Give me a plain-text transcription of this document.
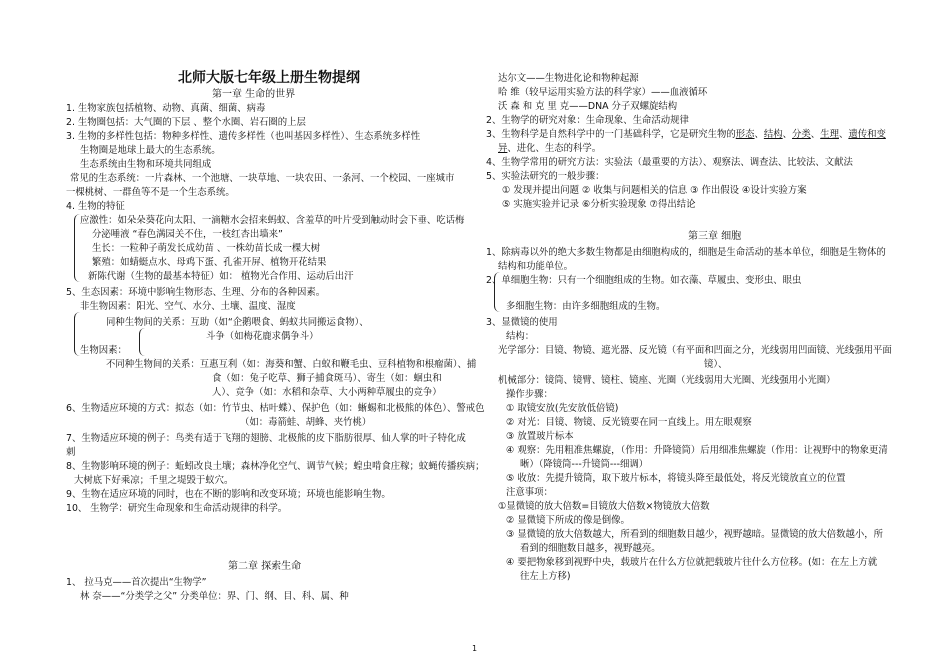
北师大版七年级上册生物提纲
第一章 生命的世界
1. 生物家族包括植物、动物、真菌、细菌、病毒
2. 生物圈包括：大气圈的下层 、整个水圈、岩石圈的上层
3. 生物的多样性包括：物种多样性、遗传多样性（也叫基因多样性）、生态系统多样性
生物圈是地球上最大的生态系统。
生态系统由生物和环境共同组成
常见的生态系统：一片森林、一个池塘、一块草地、一块农田、一条河、一个校园、一座城市
一棵桃树、一群鱼等不是一个生态系统。
4. 生物的特征
应激性：如朵朵葵花向太阳、一滴糖水会招来蚂蚁、含羞草的叶片受到触动时会下垂、吃话梅
分泌唾液 “春色满园关不住，一枝红杏出墙来”
生长：一粒种子萌发长成幼苗 、一株幼苗长成一棵大树
繁殖：如蜻蜓点水、母鸡下蛋、孔雀开屏、植物开花结果
新陈代谢（生物的最基本特征）如： 植物光合作用、运动后出汗
5、生态因素：环境中影响生物形态、生理、分布的各种因素。
非生物因素：阳光、空气、水分、土壤、温度、湿度
同种生物间的关系：互助（如“企鹅喂食、蚂蚁共同搬运食物）、
斗争（如梅花鹿求偶争斗）
生物因素：
不同种生物间的关系：互惠互利（如：海葵和蟹、白蚁和鞭毛虫、豆科植物和根瘤菌）、捕
食（如：兔子吃草、狮子捕食斑马）、寄生（如：蛔虫和
人）、竞争（如：水稻和杂草、大小两种草履虫的竞争）
6、生物适应环境的方式：拟态（如：竹节虫、枯叶蝶）、保护色（如：蜥蜴和北极熊的体色）、警戒色
（如：毒箭蛙、胡蜂、夹竹桃）
7、生物适应环境的例子：鸟类有适于飞翔的翅膀、北极熊的皮下脂肪很厚、仙人掌的叶子特化成
刺
8、生物影响环境的例子：蚯蚓改良土壤；森林净化空气、调节气候；蝗虫啃食庄稼；蚊蝇传播疾病；
大树底下好乘凉；千里之堤毁于蚁穴。
9、生物在适应环境的同时，也在不断的影响和改变环境；环境也能影响生物。
10、 生物学：研究生命现象和生命活动规律的科学。
第二章 探索生命
1、 拉马克——首次提出“生物学”
林 奈——“分类学之父” 分类单位：界、门、纲、目、科、属、种
达尔文——生物进化论和物种起源
哈 维（较早运用实验方法的科学家）——血液循环
沃 森 和 克 里 克——DNA 分子双螺旋结构
2、生物学的研究对象：生命现象、生命活动规律
3、生物科学是自然科学中的一门基础科学，它是研究生物的形态、结构、分类、生理、遗传和变
异、进化、生态的科学。
4、生物学常用的研究方法：实验法（最重要的方法）、观察法、调查法、比较法、文献法
5、实验法研究的一般步骤：
① 发现并提出问题 ② 收集与问题相关的信息 ③ 作出假设 ④设计实验方案
⑤ 实施实验并记录 ⑥分析实验现象 ⑦得出结论
第三章 细胞
1、除病毒以外的绝大多数生物都是由细胞构成的，细胞是生命活动的基本单位，细胞是生物体的
结构和功能单位。
2、单细胞生物：只有一个细胞组成的生物。如衣藻、草履虫、变形虫、眼虫
多细胞生物：由许多细胞组成的生物。
3、显微镜的使用
结构：
光学部分：目镜、物镜、遮光器、反光镜（有平面和凹面之分，光线弱用凹面镜、光线强用平面
镜）、
机械部分：镜筒、镜臂、镜柱、镜座、光圈（光线弱用大光圈、光线强用小光圈）
操作步骤：
① 取镜安放(先安放低倍镜)
② 对光：目镜、物镜、反光镜要在同一直线上。用左眼观察
③ 放置玻片标本
④ 观察：先用粗准焦螺旋，（作用：升降镜筒）后用细准焦螺旋（作用：让视野中的物象更清
晰）（降镜筒---升镜筒---细调）
⑤ 收放：先提升镜筒，取下玻片标本，将镜头降至最低处，将反光镜放直立的位置
注意事项：
①显微镜的放大倍数=目镜放大倍数×物镜放大倍数
② 显微镜下所成的像是倒像。
③ 显微镜的放大倍数越大，所看到的细胞数目越少，视野越暗。显微镜的放大倍数越小，所
看到的细胞数目越多，视野越亮。
④ 要把物象移到视野中央，载玻片在什么方位就把载玻片往什么方位移。(如：在左上方就
往左上方移)
1
